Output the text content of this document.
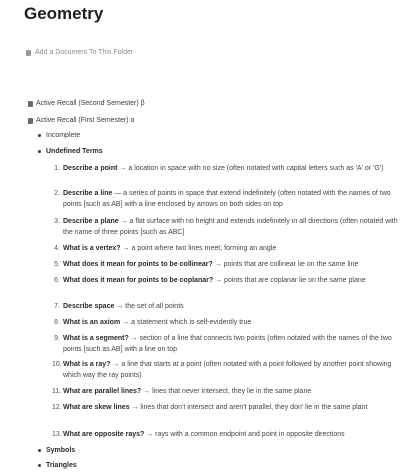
Geometry
Add a Document To This Folder
Active Recall (Second Semester) β
Active Recall (First Semester) α
Incomplete
Undefined Terms
1. Describe a point → a location in space with no size (often notated with capital letters such as 'A' or 'G')
2. Describe a line — a series of points in space that extend indefinitely (often notated with the names of two points [such as AB] with a line enclosed by arrows on both sides on top
3. Describe a plane → a flat surface with no height and extends indefinitely in all directions (often notated with the name of three points [such as ABC]
4. What is a vertex? → a point where two lines meet, forming an angle
5. What does it mean for points to be collinear? → points that are collinear lie on the same line
6. What does it mean for points to be coplanar? → points that are coplanar lie on the same plane
7. Describe space → the set of all points
8. What is an axiom → a statement which is self-evidently true
9. What is a segment? → section of a line that connects two points (often notated with the names of the two points [such as AB] with a line on top
10. What is a ray? → a line that starts at a point (often notated with a point followed by another point showing which way the ray points)
11. What are parallel lines? → lines that never intersect, they lie in the same plane
12. What are skew lines → lines that don't intersect and aren't parallel, they don' lie in the same plant
13. What are opposite rays? → rays with a common endpoint and point in opposite directions
Symbols
Triangles
